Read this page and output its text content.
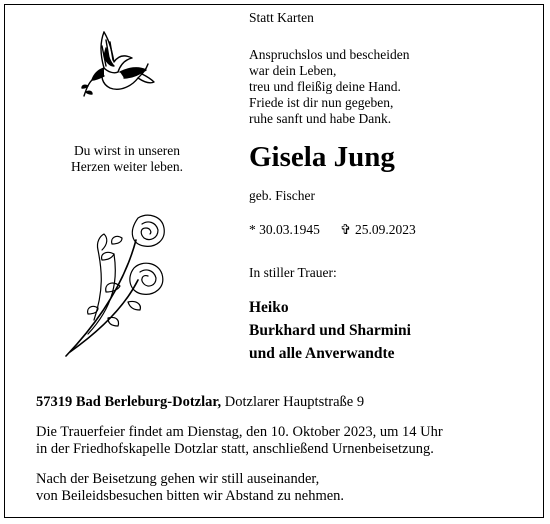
Statt Karten
Anspruchslos und bescheiden
war dein Leben,
treu und fleißig deine Hand.
Friede ist dir nun gegeben,
ruhe sanft und habe Dank.
Du wirst in unseren
Herzen weiter leben.	Gisela Jung
geb. Fischer
* 30.03.1945 ✞ 25.09.2023
In stiller Trauer:
Heiko
Burkhard und Sharmini
und alle Anverwandte
57319 Bad Berleburg-Dotzlar, Dotzlarer Hauptstraße 9
Die Trauerfeier findet am Dienstag, den 10. Oktober 2023, um 14 Uhr
in der Friedhofskapelle Dotzlar statt, anschließend Urnenbeisetzung.
Nach der Beisetzung gehen wir still auseinander,
von Beileidsbesuchen bitten wir Abstand zu nehmen.
